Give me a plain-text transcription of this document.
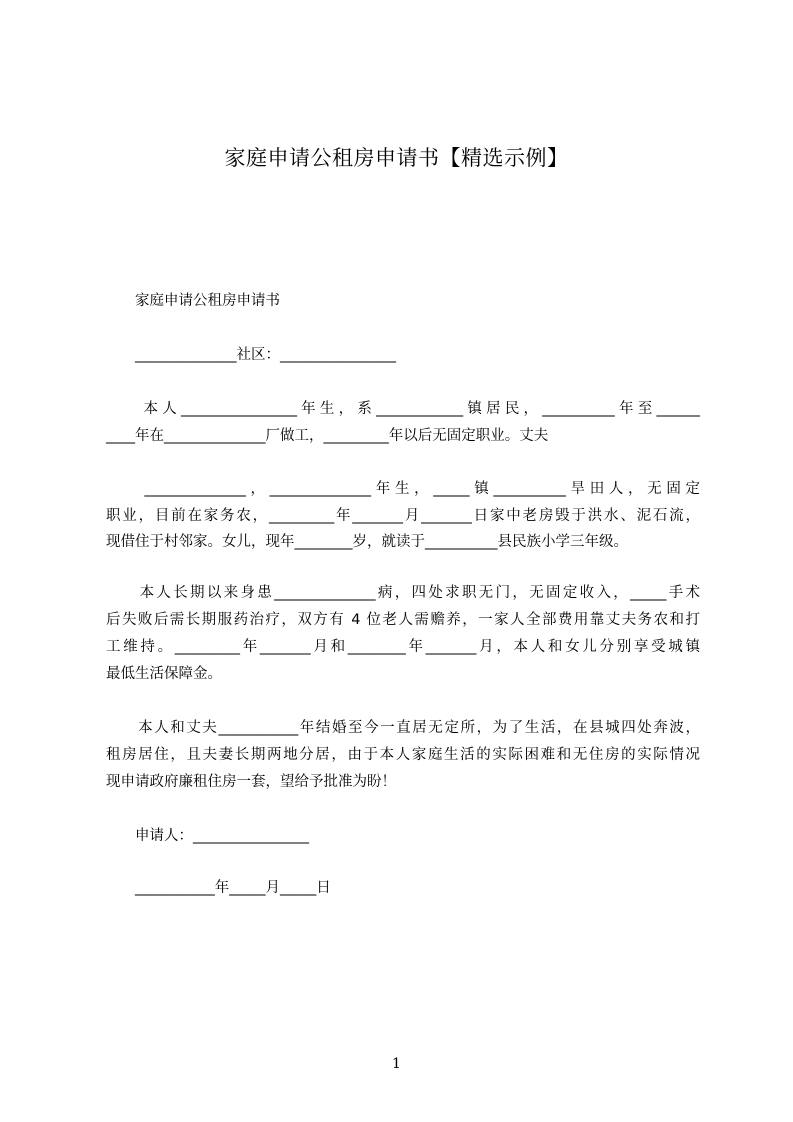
家庭申请公租房申请书【精选示例】
　　家庭申请公租房申请书
　　______________社区：________________
　　本人________________年生，系____________镇居民，__________年至______
____年在______________厂做工，_________年以后无固定职业。丈夫
　　______________，______________年生，_____镇__________旱田人，无固定
职业，目前在家务农，_________年_______月_______日家中老房毁于洪水、泥石流，
现借住于村邻家。女儿，现年________岁，就读于__________县民族小学三年级。
　　本人长期以来身患______________病，四处求职无门，无固定收入，_____手术
后失败后需长期服药治疗，双方有 4 位老人需赡养，一家人全部费用靠丈夫务农和打
工维持。_________年_______月和________年_______月，本人和女儿分别享受城镇
最低生活保障金。
　　本人和丈夫___________年结婚至今一直居无定所，为了生活，在县城四处奔波，
租房居住，且夫妻长期两地分居，由于本人家庭生活的实际困难和无住房的实际情况
现申请政府廉租住房一套，望给予批准为盼！
　　申请人：________________
　　___________年_____月_____日
1
